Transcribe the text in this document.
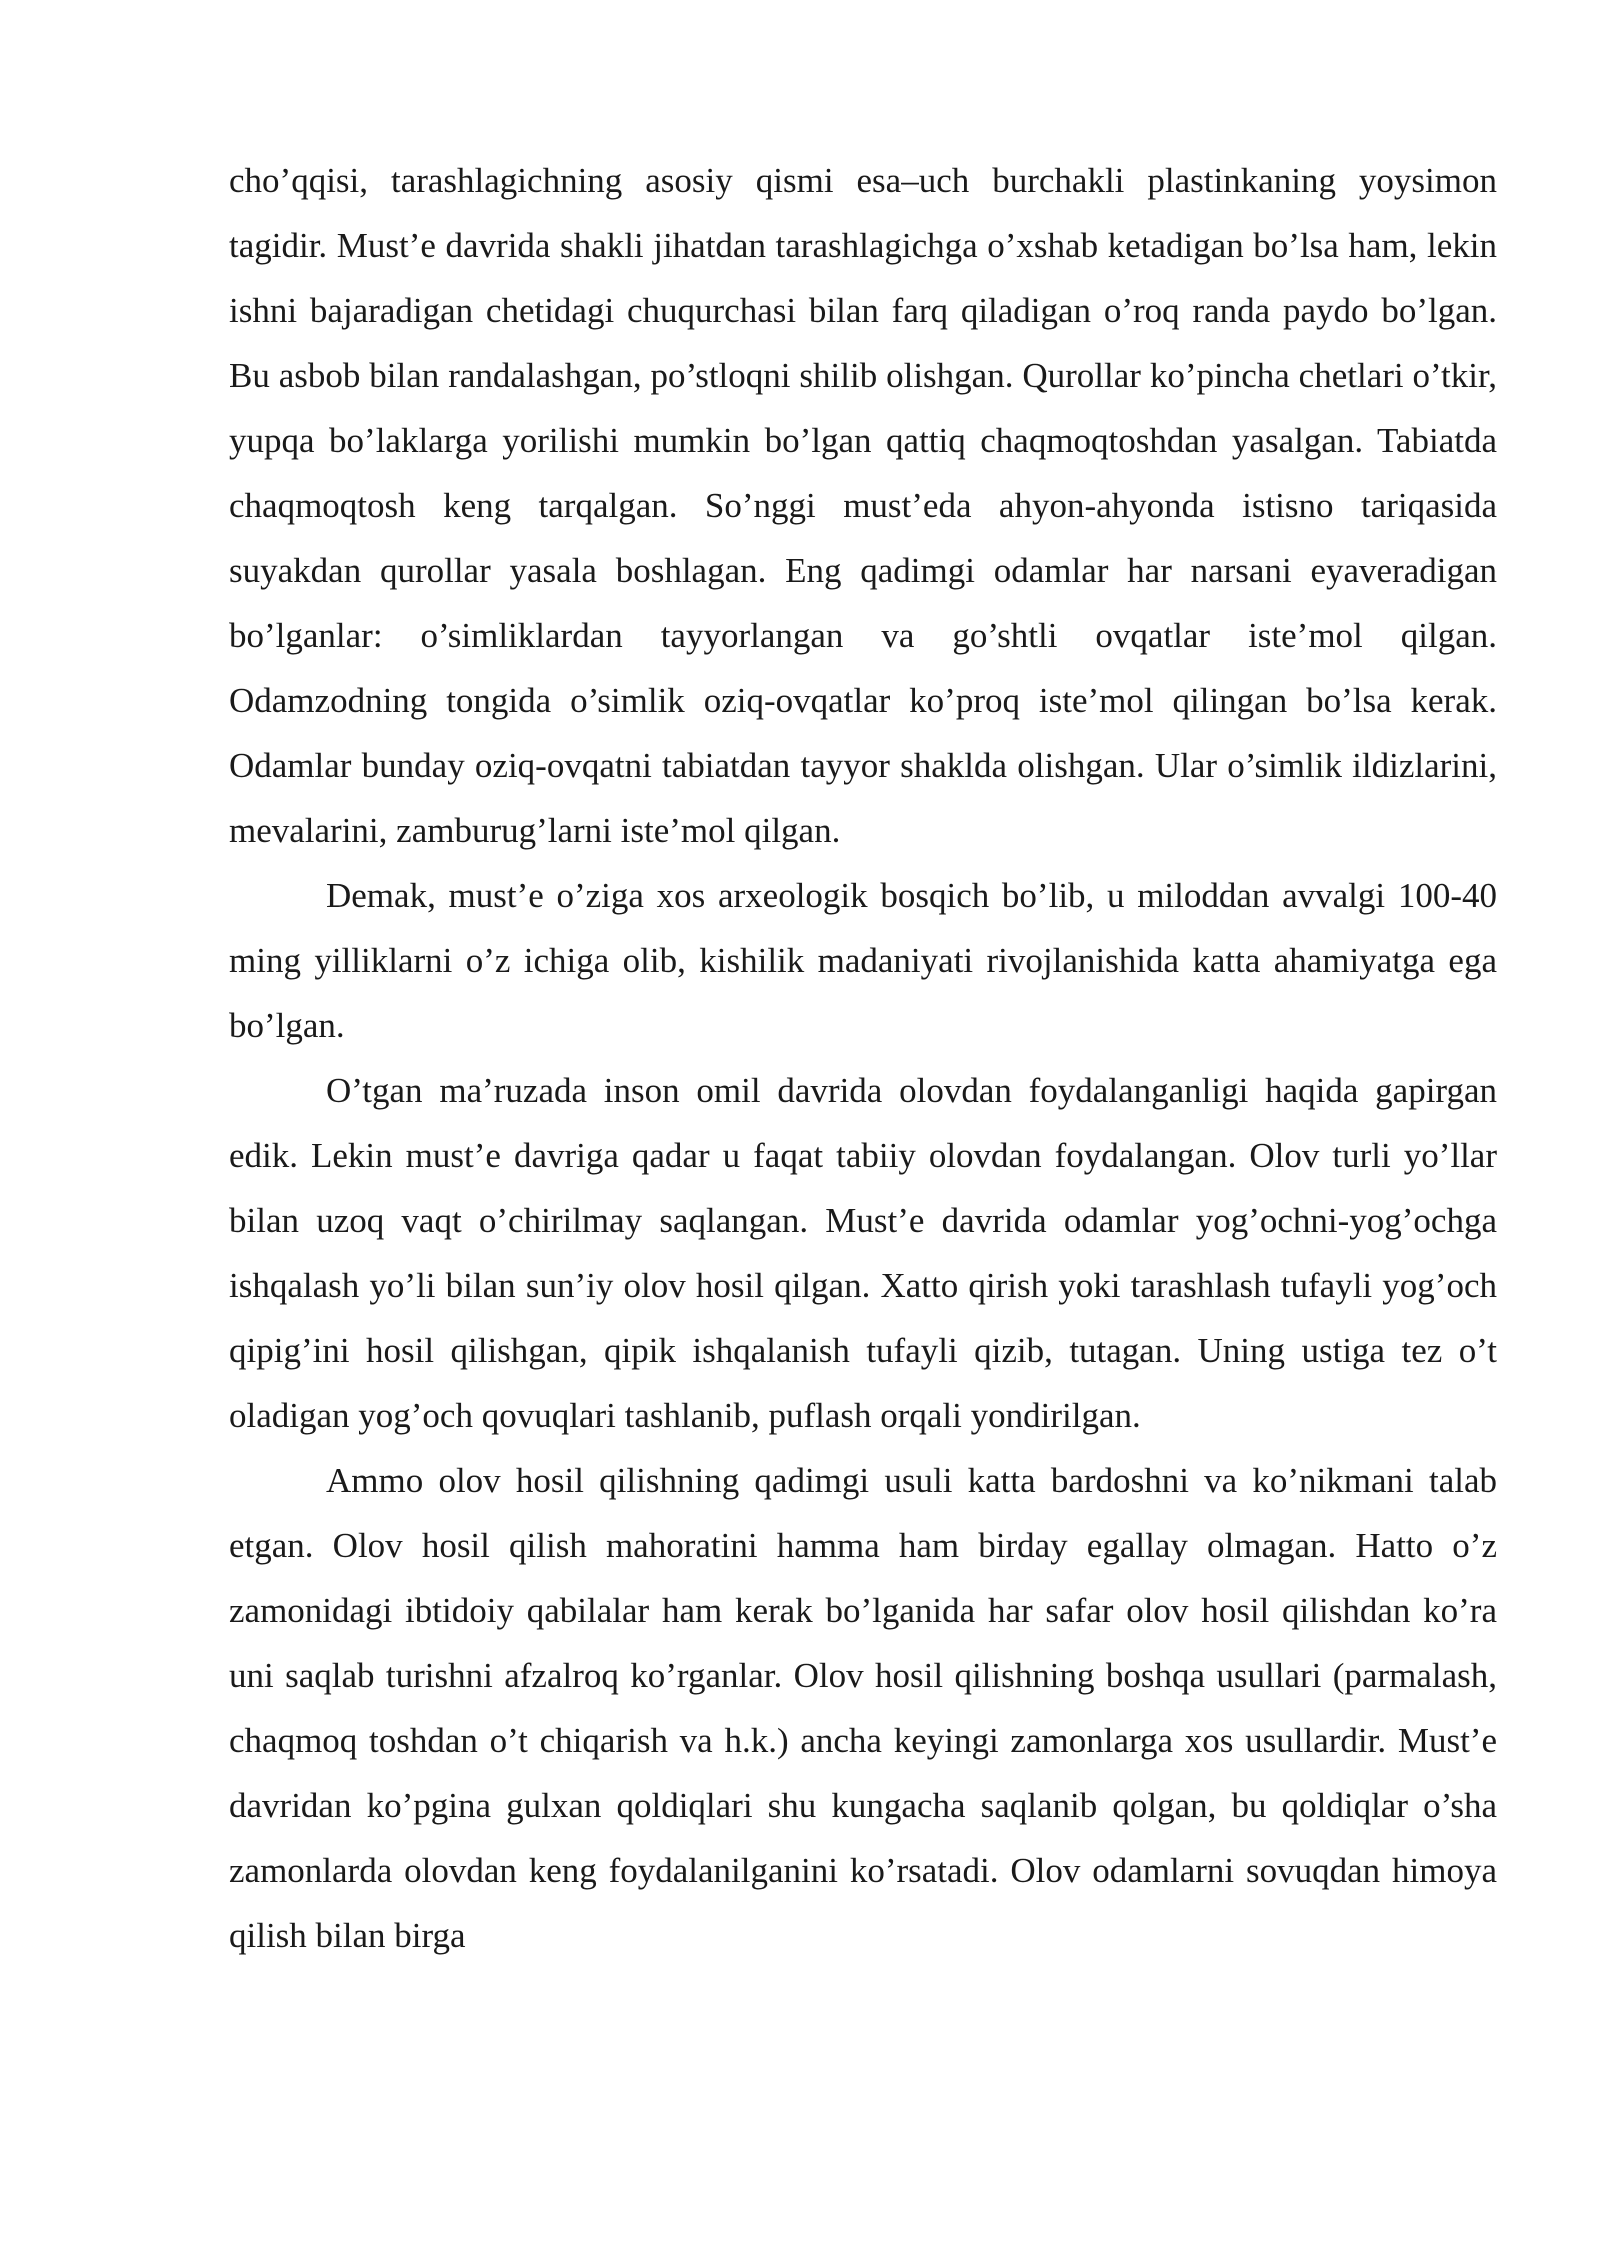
cho’qqisi, tarashlagichning asosiy qismi esa–uch burchakli plastinkaning yoysimon tagidir. Must’e davrida shakli jihatdan tarashlagichga o’xshab ketadigan bo’lsa ham, lekin ishni bajaradigan chetidagi chuqurchasi bilan farq qiladigan o’roq randa paydo bo’lgan. Bu asbob bilan randalashgan, po’stloqni shilib olishgan. Qurollar ko’pincha chetlari o’tkir, yupqa bo’laklarga yorilishi mumkin bo’lgan qattiq chaqmoqtoshdan yasalgan. Tabiatda chaqmoqtosh keng tarqalgan. So’nggi must’eda ahyon-ahyonda istisno tariqasida suyakdan qurollar yasala boshlagan. Eng qadimgi odamlar har narsani eyaveradigan bo’lganlar: o’simliklardan tayyorlangan va go’shtli ovqatlar iste’mol qilgan. Odamzodning tongida o’simlik oziq-ovqatlar ko’proq iste’mol qilingan bo’lsa kerak. Odamlar bunday oziq-ovqatni tabiatdan tayyor shaklda olishgan. Ular o’simlik ildizlarini, mevalarini, zamburug’larni iste’mol qilgan.

Demak, must’e o’ziga xos arxeologik bosqich bo’lib, u miloddan avvalgi 100-40 ming yilliklarni o’z ichiga olib, kishilik madaniyati rivojlanishida katta ahamiyatga ega bo’lgan.

O’tgan ma’ruzada inson omil davrida olovdan foydalanganligi haqida gapirgan edik. Lekin must’e davriga qadar u faqat tabiiy olovdan foydalangan. Olov turli yo’llar bilan uzoq vaqt o’chirilmay saqlangan. Must’e davrida odamlar yog’ochni-yog’ochga ishqalash yo’li bilan sun’iy olov hosil qilgan. Xatto qirish yoki tarashlash tufayli yog’och qipig’ini hosil qilishgan, qipik ishqalanish tufayli qizib, tutagan. Uning ustiga tez o’t oladigan yog’och qovuqlari tashlanib, puflash orqali yondirilgan.

Ammo olov hosil qilishning qadimgi usuli katta bardoshni va ko’nikmani talab etgan. Olov hosil qilish mahoratini hamma ham birday egallay olmagan. Hatto o’z zamonidagi ibtidoiy qabilalar ham kerak bo’lganida har safar olov hosil qilishdan ko’ra uni saqlab turishni afzalroq ko’rganlar. Olov hosil qilishning boshqa usullari (parmalash, chaqmoq toshdan o’t chiqarish va h.k.) ancha keyingi zamonlarga xos usullardir. Must’e davridan ko’pgina gulxan qoldiqlari shu kungacha saqlanib qolgan, bu qoldiqlar o’sha zamonlarda olovdan keng foydalanilganini ko’rsatadi. Olov odamlarni sovuqdan himoya qilish bilan birga
